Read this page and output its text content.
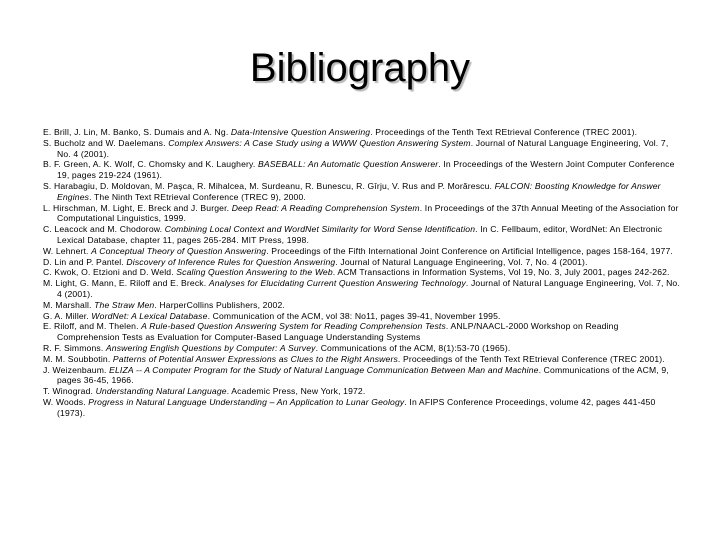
Bibliography
E. Brill, J. Lin, M. Banko, S. Dumais and A. Ng. Data-Intensive Question Answering. Proceedings of the Tenth Text REtrieval Conference (TREC 2001).
S. Bucholz and W. Daelemans. Complex Answers: A Case Study using a WWW Question Answering System. Journal of Natural Language Engineering, Vol. 7, No. 4 (2001).
B. F. Green, A. K. Wolf, C. Chomsky and K. Laughery. BASEBALL: An Automatic Question Answerer. In Proceedings of the Western Joint Computer Conference 19, pages 219-224 (1961).
S. Harabagiu, D. Moldovan, M. Paşca, R. Mihalcea, M. Surdeanu, R. Bunescu, R. Gîrju, V. Rus and P. Morărescu. FALCON: Boosting Knowledge for Answer Engines. The Ninth Text REtrieval Conference (TREC 9), 2000.
L. Hirschman, M. Light, E. Breck and J. Burger. Deep Read: A Reading Comprehension System. In Proceedings of the 37th Annual Meeting of the Association for Computational Linguistics, 1999.
C. Leacock and M. Chodorow. Combining Local Context and WordNet Similarity for Word Sense Identification. In C. Fellbaum, editor, WordNet: An Electronic Lexical Database, chapter 11, pages 265-284. MIT Press, 1998.
W. Lehnert. A Conceptual Theory of Question Answering. Proceedings of the Fifth International Joint Conference on Artificial Intelligence, pages 158-164, 1977.
D. Lin and P. Pantel. Discovery of Inference Rules for Question Answering. Journal of Natural Language Engineering, Vol. 7, No. 4 (2001).
C. Kwok, O. Etzioni and D. Weld. Scaling Question Answering to the Web. ACM Transactions in Information Systems, Vol 19, No. 3, July 2001, pages 242-262.
M. Light, G. Mann, E. Riloff and E. Breck. Analyses for Elucidating Current Question Answering Technology. Journal of Natural Language Engineering, Vol. 7, No. 4 (2001).
M. Marshall. The Straw Men. HarperCollins Publishers, 2002.
G. A. Miller. WordNet: A Lexical Database. Communication of the ACM, vol 38: No11, pages 39-41, November 1995.
E. Riloff, and M. Thelen. A Rule-based Question Answering System for Reading Comprehension Tests. ANLP/NAACL-2000 Workshop on Reading Comprehension Tests as Evaluation for Computer-Based Language Understanding Systems
R. F. Simmons. Answering English Questions by Computer: A Survey. Communications of the ACM, 8(1):53-70 (1965).
M. M. Soubbotin. Patterns of Potential Answer Expressions as Clues to the Right Answers. Proceedings of the Tenth Text REtrieval Conference (TREC 2001).
J. Weizenbaum. ELIZA -- A Computer Program for the Study of Natural Language Communication Between Man and Machine. Communications of the ACM, 9, pages 36-45, 1966.
T. Winograd. Understanding Natural Language. Academic Press, New York, 1972.
W. Woods. Progress in Natural Language Understanding – An Application to Lunar Geology. In AFIPS Conference Proceedings, volume 42, pages 441-450 (1973).
